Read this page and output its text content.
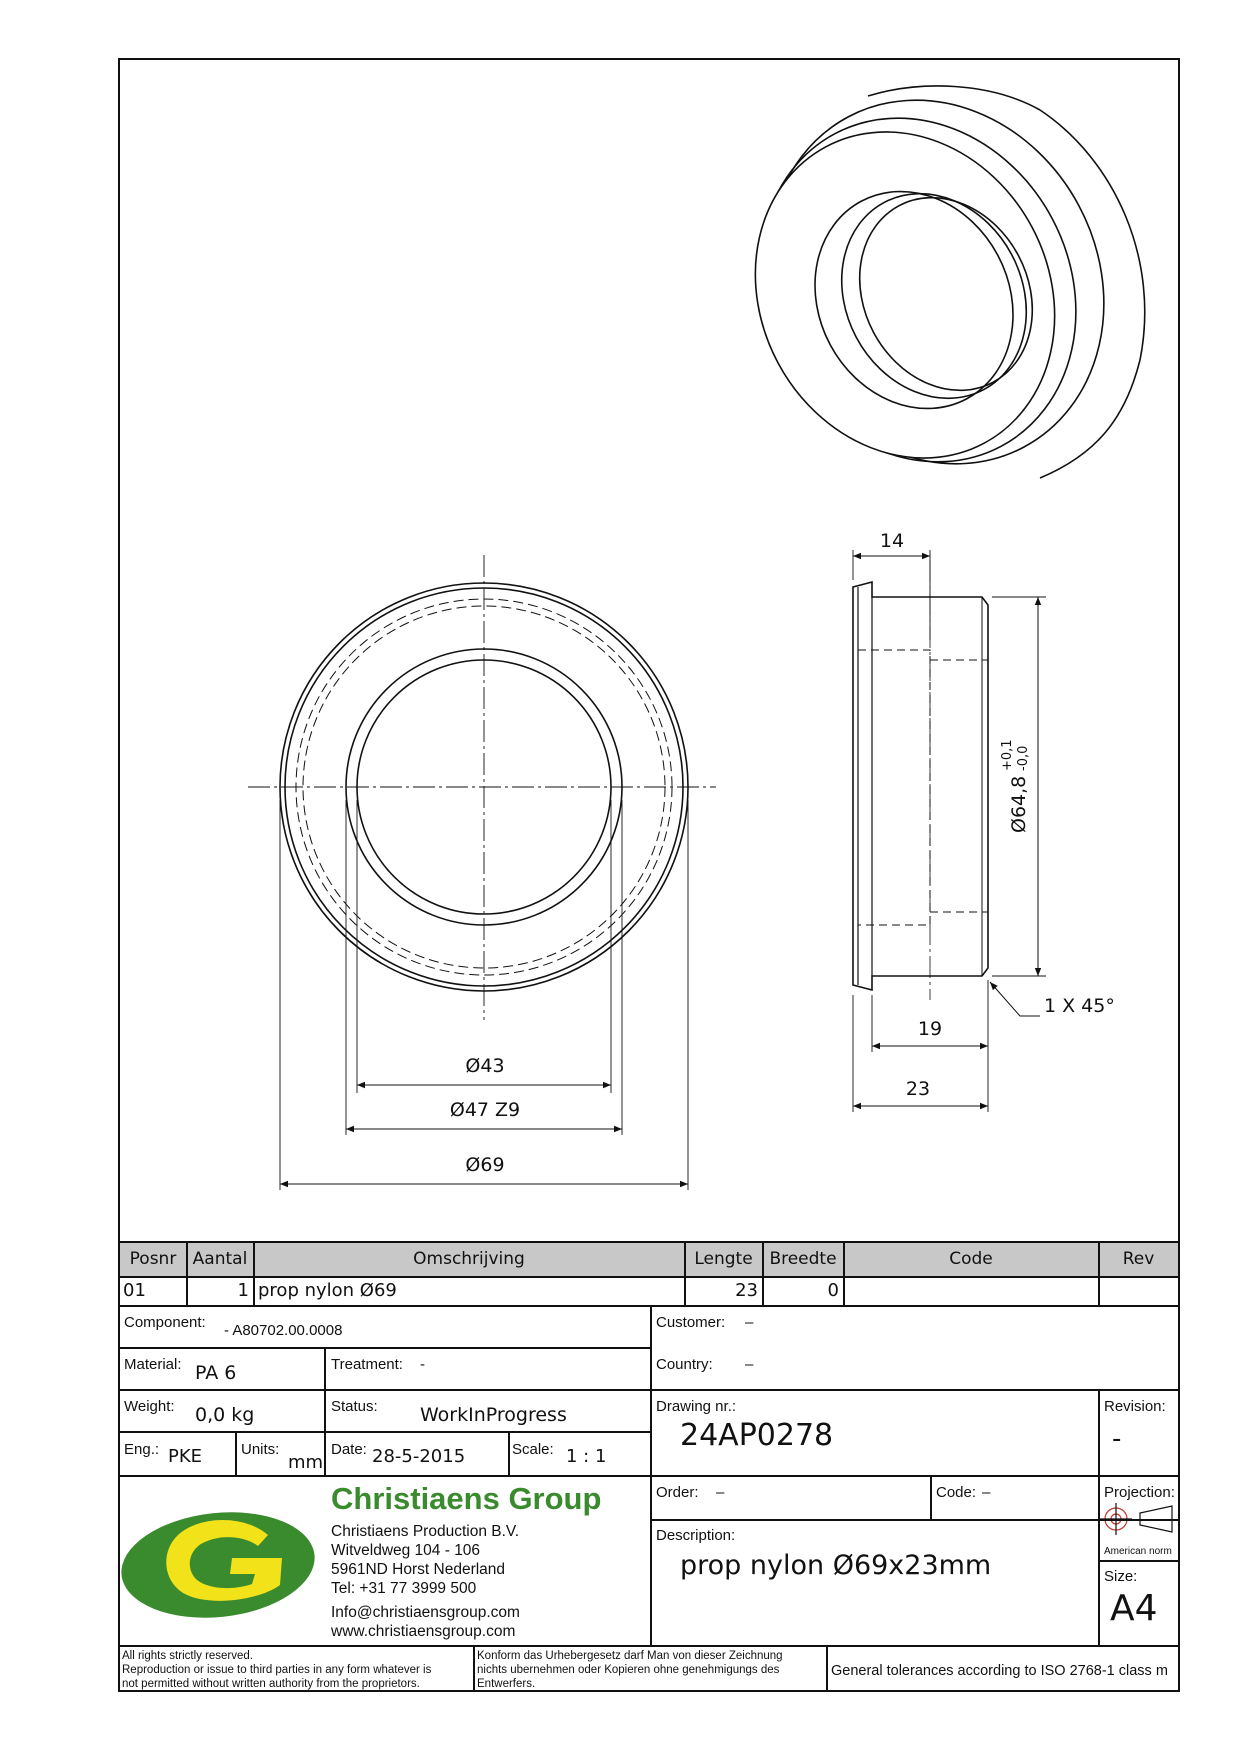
Ø43
Ø47 Z9
Ø69
14
19
23
1 X 45°
Ø64,8
+0,1 -0,0
Posnr Aantal	Omschrijving	Lengte Breedte	Code	Rev
01	1 prop nylon Ø69	23	0
Component: - A80702.00.0008	Customer: –
Material: PA 6	Treatment: -	Country: –
Weight: 0,0 kg	Status: WorkInProgress	Drawing nr.:
24AP0278
Revision:
-
Eng.: PKE	Units:
mm
Date: 28-5-2015	Scale: 1 : 1
Christiaens Group
Christiaens Production B.V.
Witveldweg 104 - 106
5961ND Horst Nederland
Tel: +31 77 3999 500
Info@christiaensgroup.com
www.christiaensgroup.com
Order: –	Code: –	Projection:
American norm
Description:
prop nylon Ø69x23mm	Size:
A4
All rights strictly reserved.
Reproduction or issue to third parties in any form whatever is
not permitted without written authority from the proprietors.
Konform das Urhebergesetz darf Man von dieser Zeichnung
nichts ubernehmen oder Kopieren ohne genehmigungs des
Entwerfers.
General tolerances according to ISO 2768-1 class m
